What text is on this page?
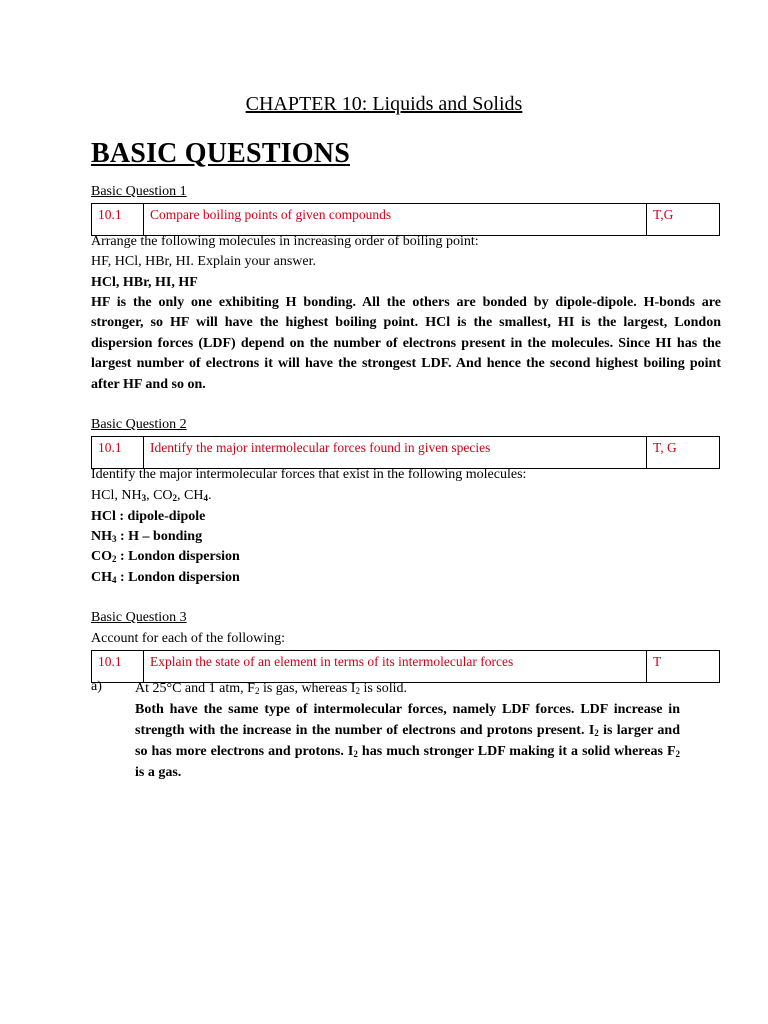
CHAPTER 10: Liquids and Solids
BASIC QUESTIONS
Basic Question 1
10.1	Compare boiling points of given compounds	T,G
Arrange the following molecules in increasing order of boiling point:
HF, HCl, HBr, HI. Explain your answer.
HCl, HBr, HI, HF
HF is the only one exhibiting H bonding. All the others are bonded by dipole-dipole. H-bonds are stronger, so HF will have the highest boiling point. HCl is the smallest, HI is the largest, London dispersion forces (LDF) depend on the number of electrons present in the molecules. Since HI has the largest number of electrons it will have the strongest LDF. And hence the second highest boiling point after HF and so on.
Basic Question 2
10.1	Identify the major intermolecular forces found in given species	T, G
Identify the major intermolecular forces that exist in the following molecules:
HCl, $NH_3$, $CO_2$, $CH_4$.
HCl : dipole-dipole
$NH_3$ : H – bonding
$CO_2$ : London dispersion
$CH_4$ : London dispersion
Basic Question 3
Account for each of the following:
10.1	Explain the state of an element in terms of its intermolecular forces	T
a) At 25°C and 1 atm, $F_2$ is gas, whereas $I_2$ is solid.
Both have the same type of intermolecular forces, namely LDF forces. LDF increase in strength with the increase in the number of electrons and protons present. $I_2$ is larger and so has more electrons and protons. $I_2$ has much stronger LDF making it a solid whereas $F_2$ is a gas.
